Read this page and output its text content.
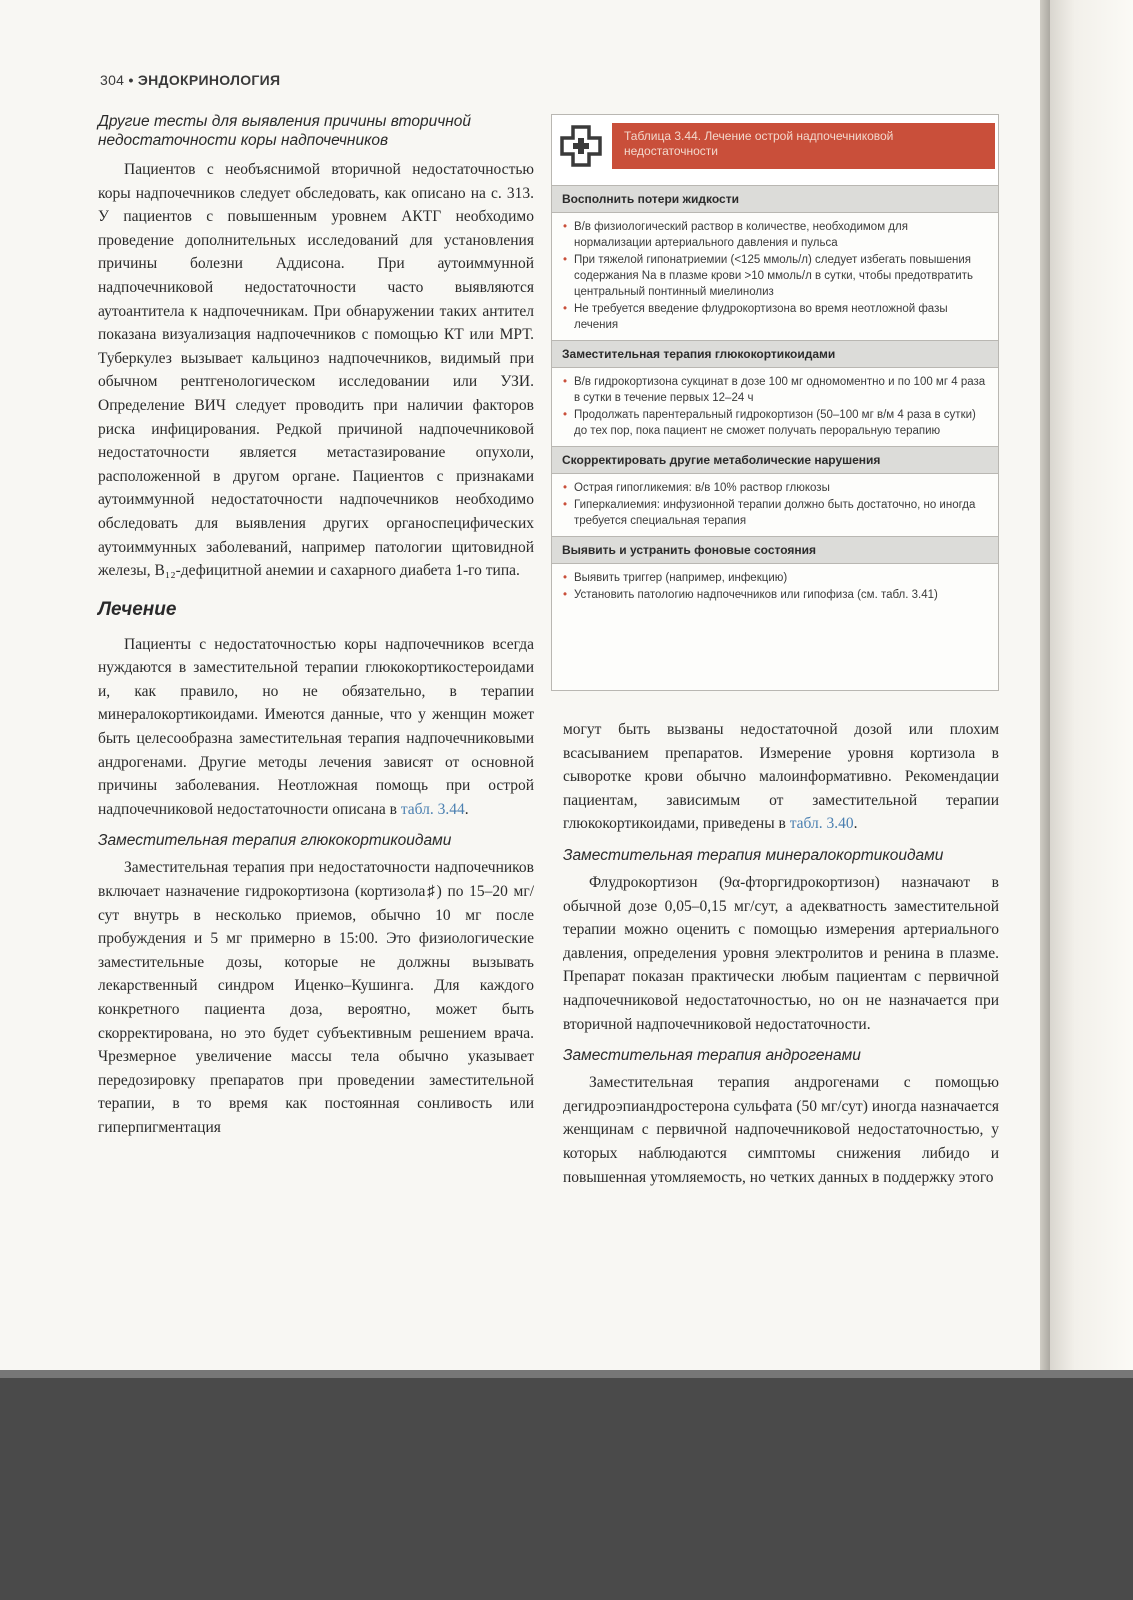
304 • ЭНДОКРИНОЛОГИЯ
Другие тесты для выявления причины вторичной недостаточности коры надпочечников

Пациентов с необъяснимой вторичной недостаточностью коры надпочечников следует обследовать, как описано на с. 313. У пациентов с повышенным уровнем АКТГ необходимо проведение дополнительных исследований для установления причины болезни Аддисона. При аутоиммунной надпочечниковой недостаточности часто выявляются аутоантитела к надпочечникам. При обнаружении таких антител показана визуализация надпочечников с помощью КТ или МРТ. Туберкулез вызывает кальциноз надпочечников, видимый при обычном рентгенологическом исследовании или УЗИ. Определение ВИЧ следует проводить при наличии факторов риска инфицирования. Редкой причиной надпочечниковой недостаточности является метастазирование опухоли, расположенной в другом органе. Пациентов с признаками аутоиммунной недостаточности надпочечников необходимо обследовать для выявления других органоспецифических аутоиммунных заболеваний, например патологии щитовидной железы, B₁₂-дефицитной анемии и сахарного диабета 1-го типа.

Лечение

Пациенты с недостаточностью коры надпочечников всегда нуждаются в заместительной терапии глюкокортикостероидами и, как правило, но не обязательно, в терапии минералокортикоидами. Имеются данные, что у женщин может быть целесообразна заместительная терапия надпочечниковыми андрогенами. Другие методы лечения зависят от основной причины заболевания. Неотложная помощь при острой надпочечниковой недостаточности описана в табл. 3.44.

Заместительная терапия глюкокортикоидами

Заместительная терапия при недостаточности надпочечников включает назначение гидрокортизона (кортизола♯) по 15–20 мг/сут внутрь в несколько приемов, обычно 10 мг после пробуждения и 5 мг примерно в 15:00. Это физиологические заместительные дозы, которые не должны вызывать лекарственный синдром Иценко–Кушинга. Для каждого конкретного пациента доза, вероятно, может быть скорректирована, но это будет субъективным решением врача. Чрезмерное увеличение массы тела обычно указывает передозировку препаратов при проведении заместительной терапии, в то время как постоянная сонливость или гиперпигментация

Таблица 3.44. Лечение острой надпочечниковой недостаточности
Восполнить потери жидкости
• В/в физиологический раствор в количестве, необходимом для нормализации артериального давления и пульса
• При тяжелой гипонатриемии (<125 ммоль/л) следует избегать повышения содержания Na в плазме крови >10 ммоль/л в сутки, чтобы предотвратить центральный понтинный миелинолиз
• Не требуется введение флудрокортизона во время неотложной фазы лечения
Заместительная терапия глюкокортикоидами
• В/в гидрокортизона сукцинат в дозе 100 мг одномоментно и по 100 мг 4 раза в сутки в течение первых 12–24 ч
• Продолжать парентеральный гидрокортизон (50–100 мг в/м 4 раза в сутки) до тех пор, пока пациент не сможет получать пероральную терапию
Скорректировать другие метаболические нарушения
• Острая гипогликемия: в/в 10% раствор глюкозы
• Гиперкалиемия: инфузионной терапии должно быть достаточно, но иногда требуется специальная терапия
Выявить и устранить фоновые состояния
• Выявить триггер (например, инфекцию)
• Установить патологию надпочечников или гипофиза (см. табл. 3.41)

могут быть вызваны недостаточной дозой или плохим всасыванием препаратов. Измерение уровня кортизола в сыворотке крови обычно малоинформативно. Рекомендации пациентам, зависимым от заместительной терапии глюкокортикоидами, приведены в табл. 3.40.

Заместительная терапия минералокортикоидами

Флудрокортизон (9α-фторгидрокортизон) назначают в обычной дозе 0,05–0,15 мг/сут, а адекватность заместительной терапии можно оценить с помощью измерения артериального давления, определения уровня электролитов и ренина в плазме. Препарат показан практически любым пациентам с первичной надпочечниковой недостаточностью, но он не назначается при вторичной надпочечниковой недостаточности.

Заместительная терапия андрогенами

Заместительная терапия андрогенами с помощью дегидроэпиандростерона сульфата (50 мг/сут) иногда назначается женщинам с первичной надпочечниковой недостаточностью, у которых наблюдаются симптомы снижения либидо и повышенная утомляемость, но четких данных в поддержку этого
